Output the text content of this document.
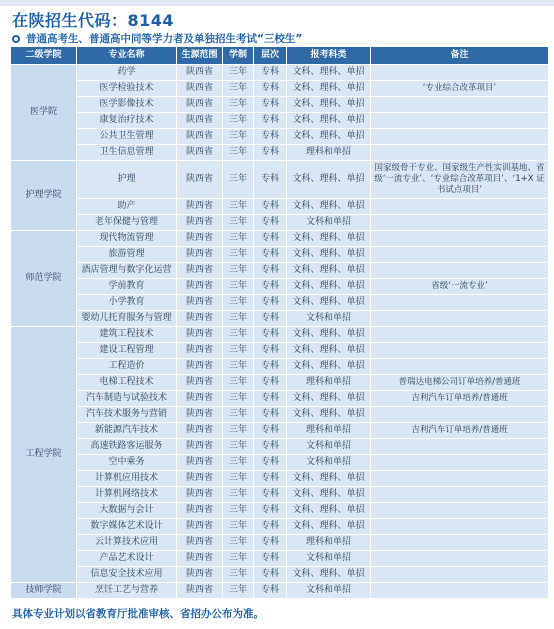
在陕招生代码：8144
普通高考生、普通高中同等学力者及单独招生考试“三校生”
二级学院	专业名称	生源范围	学制	层次	报考科类	备注
医学院	药学	陕西省	三年	专科	文科、理科、单招	
	医学检验技术	陕西省	三年	专科	文科、理科、单招	‘专业综合改革项目’
	医学影像技术	陕西省	三年	专科	文科、理科、单招	
	康复治疗技术	陕西省	三年	专科	文科、理科、单招	
	公共卫生管理	陕西省	三年	专科	文科、理科、单招	
	卫生信息管理	陕西省	三年	专科	理科和单招	
护理学院	护理	陕西省	三年	专科	文科、理科、单招	国家级骨干专业、国家级生产性实训基地、省级‘一流专业’、‘专业综合改革项目’、‘1+X 证书试点项目’
	助产	陕西省	三年	专科	文科、理科、单招	
	老年保健与管理	陕西省	三年	专科	文科和单招	
师范学院	现代物流管理	陕西省	三年	专科	文科、理科、单招	
	旅游管理	陕西省	三年	专科	文科、理科、单招	
	酒店管理与数字化运营	陕西省	三年	专科	文科、理科、单招	
	学前教育	陕西省	三年	专科	文科、理科、单招	省级‘一流专业’
	小学教育	陕西省	三年	专科	文科、理科、单招	
	婴幼儿托育服务与管理	陕西省	三年	专科	文科和单招	
工程学院	建筑工程技术	陕西省	三年	专科	文科、理科、单招	
	建设工程管理	陕西省	三年	专科	文科、理科、单招	
	工程造价	陕西省	三年	专科	文科、理科、单招	
	电梯工程技术	陕西省	三年	专科	理科和单招	普瑞达电梯公司订单培养/普通班
	汽车制造与试验技术	陕西省	三年	专科	文科、理科、单招	吉利汽车订单培养/普通班
	汽车技术服务与营销	陕西省	三年	专科	文科、理科、单招	
	新能源汽车技术	陕西省	三年	专科	理科和单招	吉利汽车订单培养/普通班
	高速铁路客运服务	陕西省	三年	专科	文科和单招	
	空中乘务	陕西省	三年	专科	文科和单招	
	计算机应用技术	陕西省	三年	专科	文科、理科、单招	
	计算机网络技术	陕西省	三年	专科	文科、理科、单招	
	大数据与会计	陕西省	三年	专科	文科、理科、单招	
	数字媒体艺术设计	陕西省	三年	专科	文科、理科、单招	
	云计算技术应用	陕西省	三年	专科	理科和单招	
	产品艺术设计	陕西省	三年	专科	文科和单招	
	信息安全技术应用	陕西省	三年	专科	文科、理科、单招	
技师学院	烹饪工艺与营养	陕西省	三年	专科	文科和单招	
具体专业计划以省教育厅批准审核、省招办公布为准。
